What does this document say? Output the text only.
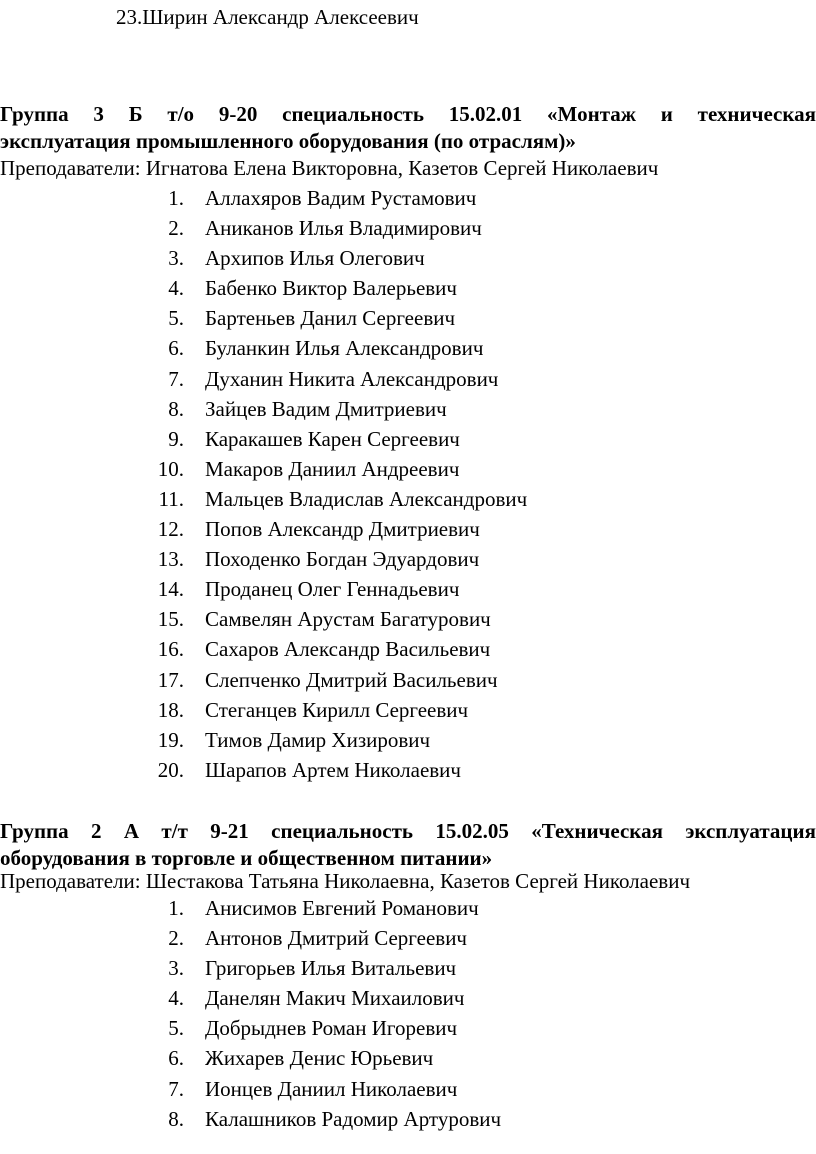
23.Ширин Александр Алексеевич
Группа 3 Б т/о 9-20 специальность 15.02.01 «Монтаж и техническая
эксплуатация промышленного оборудования (по отраслям)»
Преподаватели: Игнатова Елена Викторовна, Казетов Сергей Николаевич
1. Аллахяров Вадим Рустамович
2. Аниканов Илья Владимирович
3. Архипов Илья Олегович
4. Бабенко Виктор Валерьевич
5. Бартеньев Данил Сергеевич
6. Буланкин Илья Александрович
7. Духанин Никита Александрович
8. Зайцев Вадим Дмитриевич
9. Каракашев Карен Сергеевич
10. Макаров Даниил Андреевич
11. Мальцев Владислав Александрович
12. Попов Александр Дмитриевич
13. Походенко Богдан Эдуардович
14. Проданец Олег Геннадьевич
15. Самвелян Арустам Багатурович
16. Сахаров Александр Васильевич
17. Слепченко Дмитрий Васильевич
18. Стеганцев Кирилл Сергеевич
19. Тимов Дамир Хизирович
20. Шарапов Артем Николаевич
Группа 2 А т/т 9-21 специальность 15.02.05 «Техническая эксплуатация
оборудования в торговле и общественном питании»
Преподаватели: Шестакова Татьяна Николаевна, Казетов Сергей Николаевич
1. Анисимов Евгений Романович
2. Антонов Дмитрий Сергеевич
3. Григорьев Илья Витальевич
4. Данелян Макич Михаилович
5. Добрыднев Роман Игоревич
6. Жихарев Денис Юрьевич
7. Ионцев Даниил Николаевич
8. Калашников Радомир Артурович
